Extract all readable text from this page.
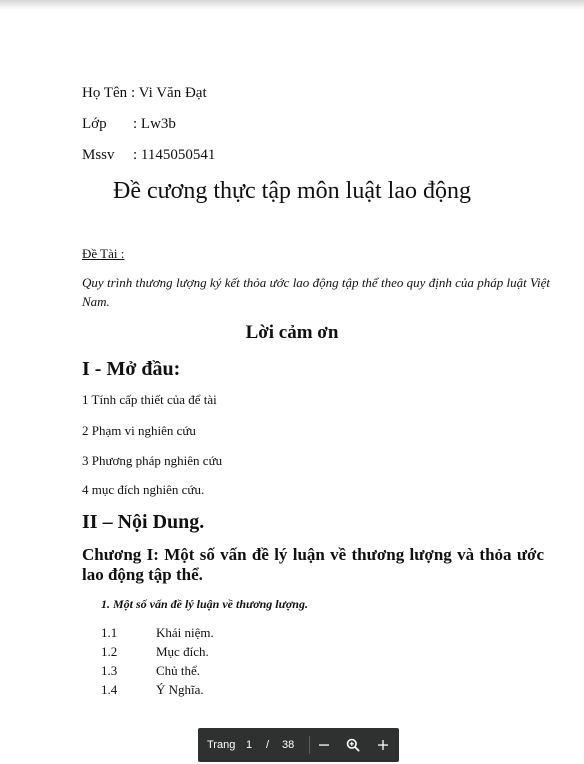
Họ Tên : Vi Văn Đạt
Lớp : Lw3b
Mssv : 1145050541
Đề cương thực tập môn luật lao động
Đề Tài :
Quy trình thương lượng ký kết thỏa ước lao động tập thể theo quy định của pháp luật Việt Nam.
Lời cảm ơn
I - Mở đầu:
1 Tính cấp thiết của để tài
2 Phạm vi nghiên cứu
3 Phương pháp nghiên cứu
4 mục đích nghiên cứu.
II – Nội Dung.
Chương I: Một số vấn đề lý luận về thương lượng và thỏa ước lao động tập thể.
1. Một số vấn đề lý luận về thương lượng.
1.1	Khái niệm.
1.2	Mục đích.
1.3	Chủ thể.
1.4	Ý Nghĩa.
Trang 1 / 38
